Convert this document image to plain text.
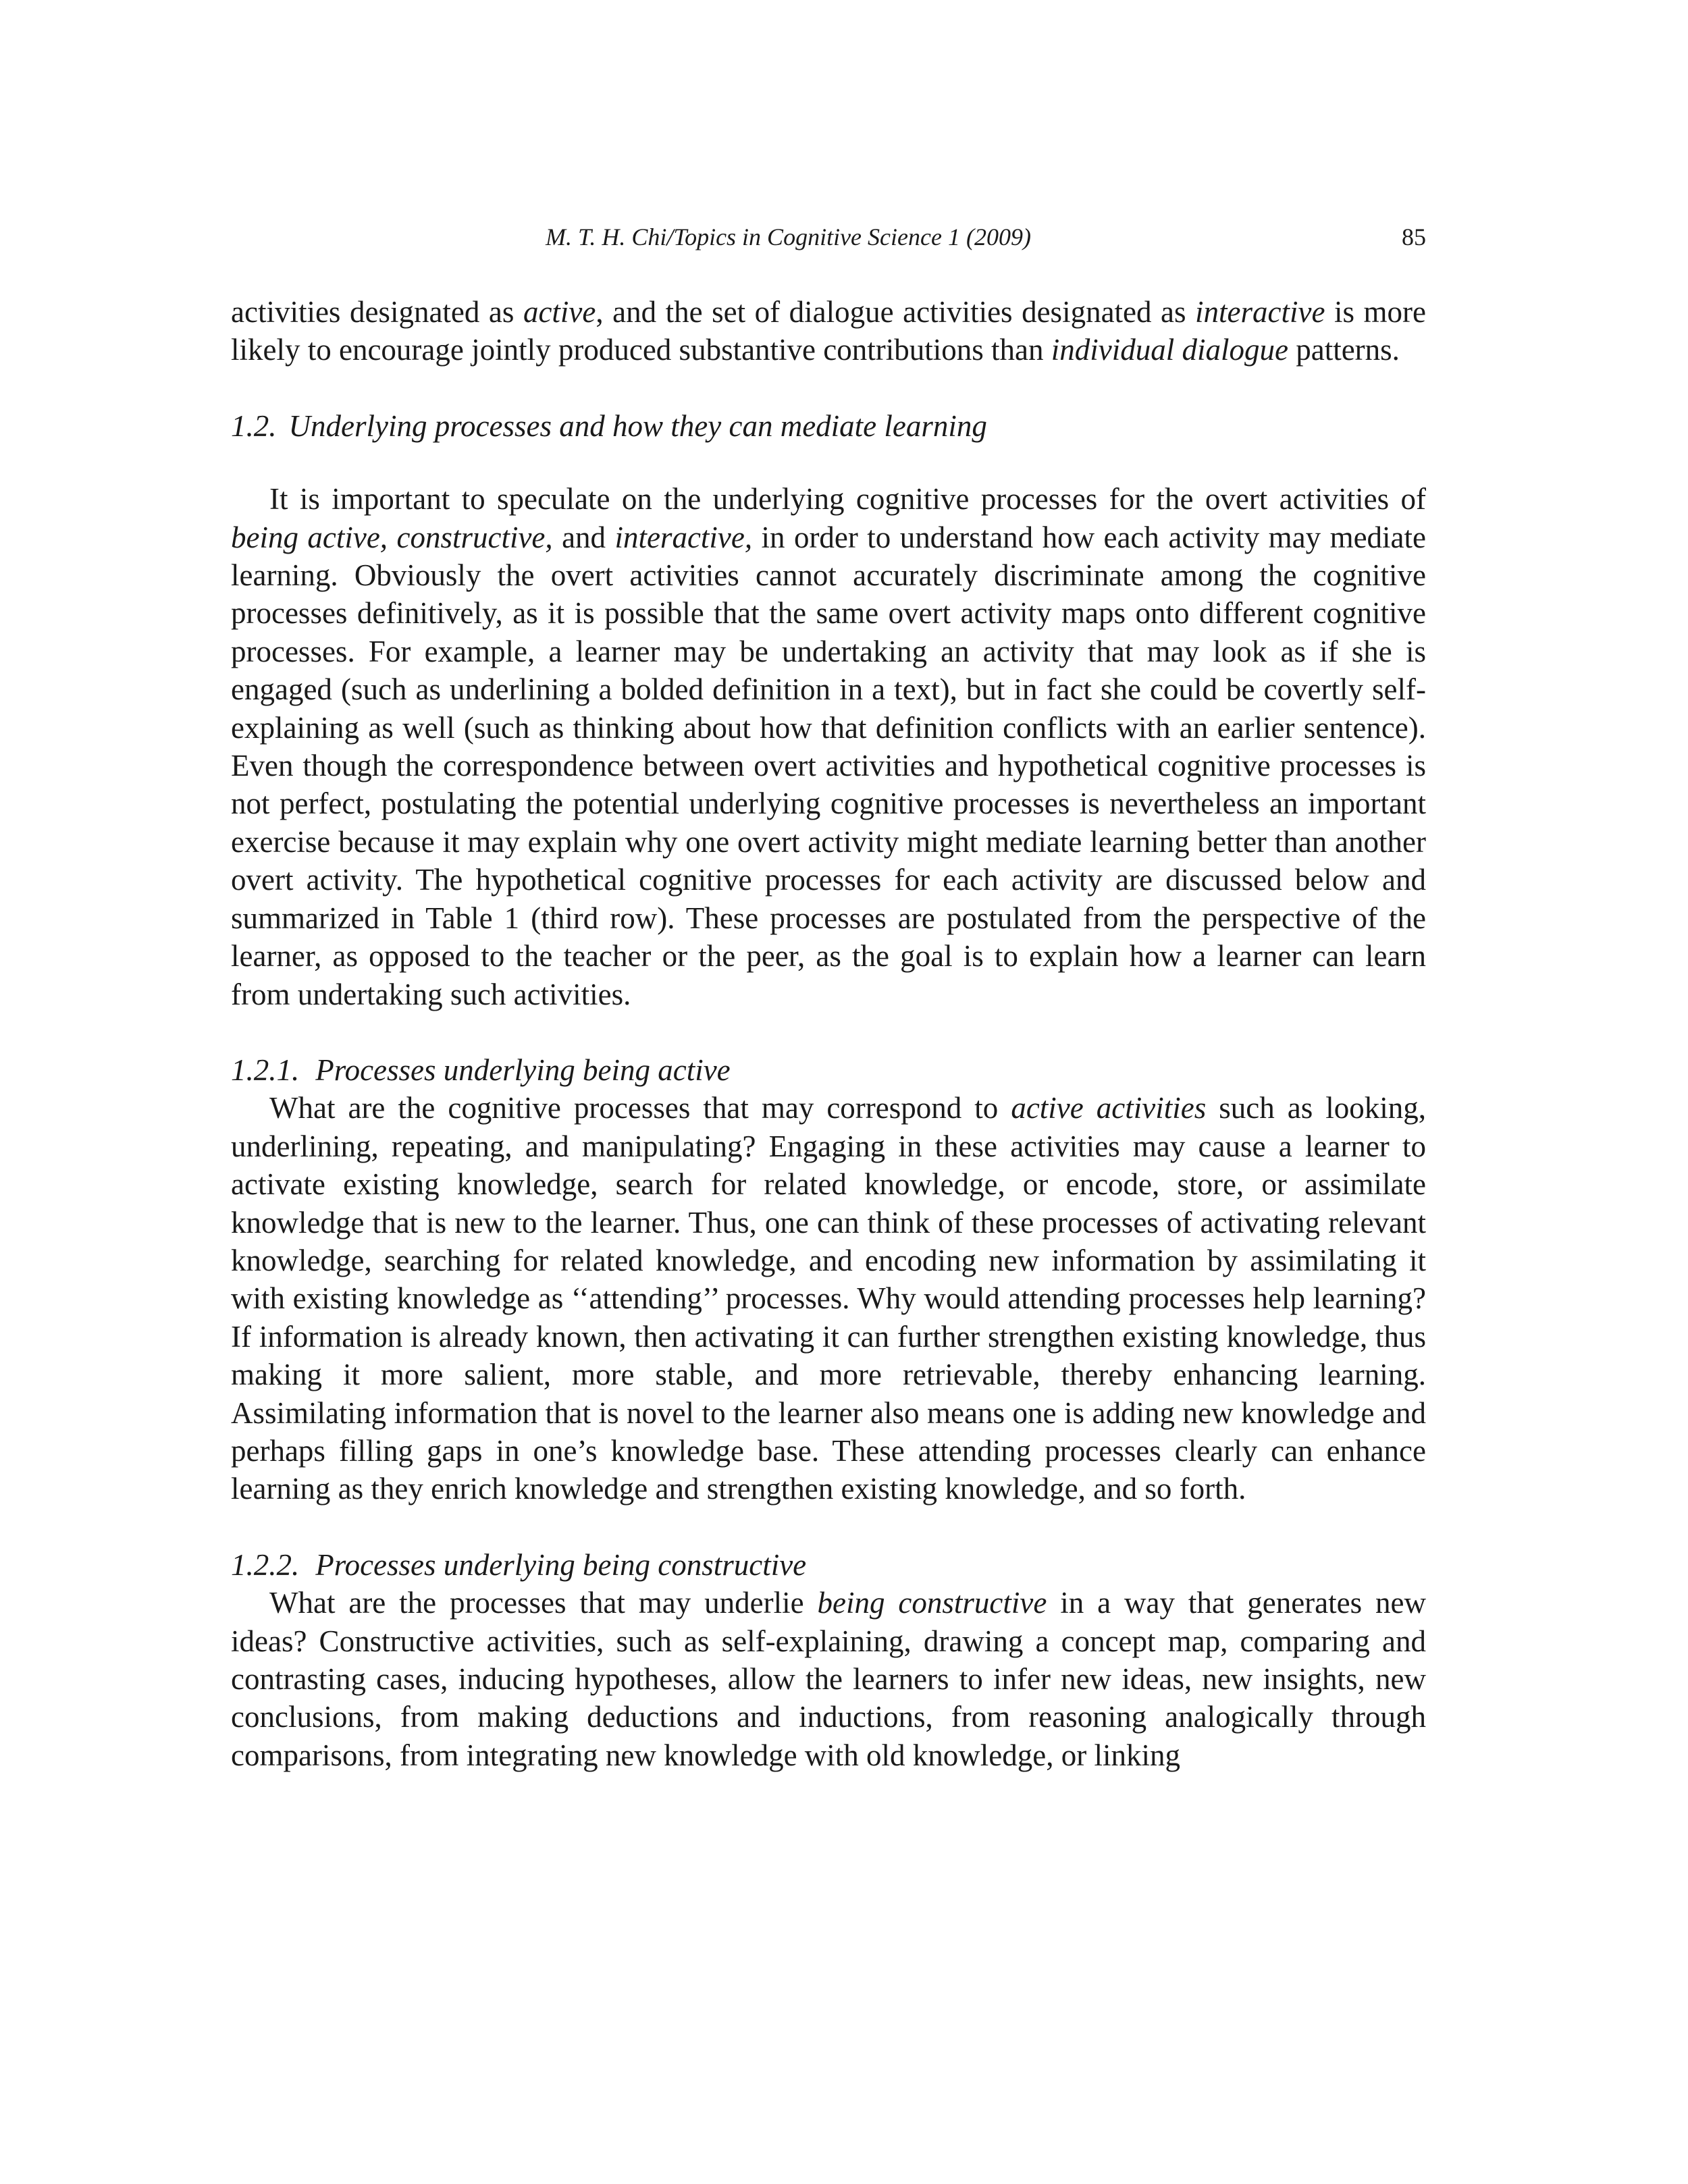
M. T. H. Chi/Topics in Cognitive Science 1 (2009)	85

activities designated as active, and the set of dialogue activities designated as interactive is more likely to encourage jointly produced substantive contributions than individual dialogue patterns.

1.2. Underlying processes and how they can mediate learning

It is important to speculate on the underlying cognitive processes for the overt activities of being active, constructive, and interactive, in order to understand how each activity may mediate learning. Obviously the overt activities cannot accurately discriminate among the cognitive processes definitively, as it is possible that the same overt activity maps onto different cognitive processes. For example, a learner may be undertaking an activity that may look as if she is engaged (such as underlining a bolded definition in a text), but in fact she could be covertly self-explaining as well (such as thinking about how that definition conflicts with an earlier sentence). Even though the correspondence between overt activities and hypothetical cognitive processes is not perfect, postulating the potential underlying cognitive processes is nevertheless an important exercise because it may explain why one overt activity might mediate learning better than another overt activity. The hypothetical cognitive processes for each activity are discussed below and summarized in Table 1 (third row). These processes are postulated from the perspective of the learner, as opposed to the teacher or the peer, as the goal is to explain how a learner can learn from undertaking such activities.

1.2.1. Processes underlying being active

What are the cognitive processes that may correspond to active activities such as looking, underlining, repeating, and manipulating? Engaging in these activities may cause a learner to activate existing knowledge, search for related knowledge, or encode, store, or assimilate knowledge that is new to the learner. Thus, one can think of these processes of activating relevant knowledge, searching for related knowledge, and encoding new information by assimilating it with existing knowledge as ‘‘attending’’ processes. Why would attending processes help learning? If information is already known, then activating it can further strengthen existing knowledge, thus making it more salient, more stable, and more retrievable, thereby enhancing learning. Assimilating information that is novel to the learner also means one is adding new knowledge and perhaps filling gaps in one’s knowledge base. These attending processes clearly can enhance learning as they enrich knowledge and strengthen existing knowledge, and so forth.

1.2.2. Processes underlying being constructive

What are the processes that may underlie being constructive in a way that generates new ideas? Constructive activities, such as self-explaining, drawing a concept map, comparing and contrasting cases, inducing hypotheses, allow the learners to infer new ideas, new insights, new conclusions, from making deductions and inductions, from reasoning analogically through comparisons, from integrating new knowledge with old knowledge, or linking
